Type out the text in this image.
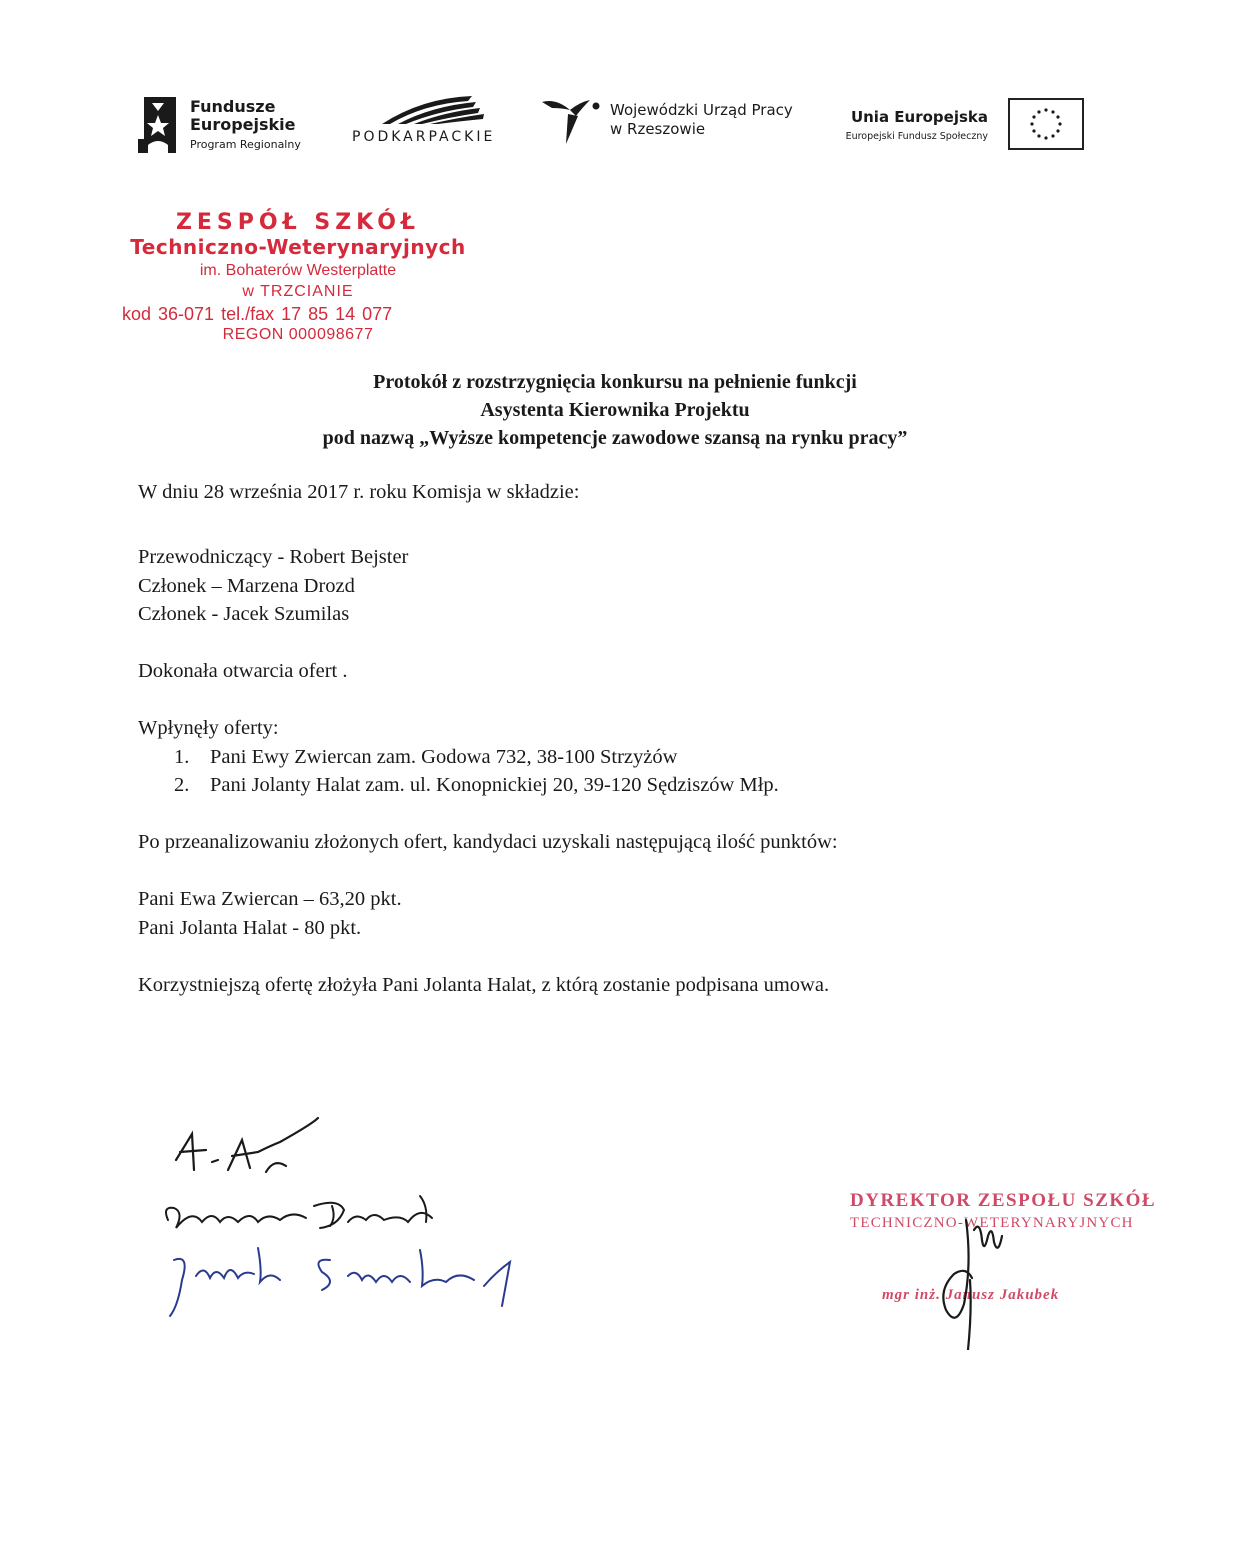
Fundusze
Europejskie
Program Regionalny	PODKARPACKIE
Wojewódzki Urząd Pracy
w Rzeszowie
Unia Europejska
Europejski Fundusz Społeczny
ZESPÓŁ SZKÓŁ
Techniczno-Weterynaryjnych
im. Bohaterów Westerplatte
w TRZCIANIE
kod 36-071 tel./fax 17 85 14 077
REGON 000098677
Protokół z rozstrzygnięcia konkursu na pełnienie funkcji
Asystenta Kierownika Projektu
pod nazwą „Wyższe kompetencje zawodowe szansą na rynku pracy”

W dniu 28 września 2017 r. roku Komisja w składzie:

Przewodniczący - Robert Bejster

Członek – Marzena Drozd

Członek - Jacek Szumilas

Dokonała otwarcia ofert .

Wpłynęły oferty:

1. Pani Ewy Zwiercan zam. Godowa 732, 38-100 Strzyżów
2. Pani Jolanty Halat zam. ul. Konopnickiej 20, 39-120 Sędziszów Młp.

Po przeanalizowaniu złożonych ofert, kandydaci uzyskali następującą ilość punktów:

Pani Ewa Zwiercan – 63,20 pkt.

Pani Jolanta Halat - 80 pkt.

Korzystniejszą ofertę złożyła Pani Jolanta Halat, z którą zostanie podpisana umowa.

DYREKTOR ZESPOŁU SZKÓŁ
TECHNICZNO-WETERYNARYJNYCH
mgr inż. Janusz Jakubek
